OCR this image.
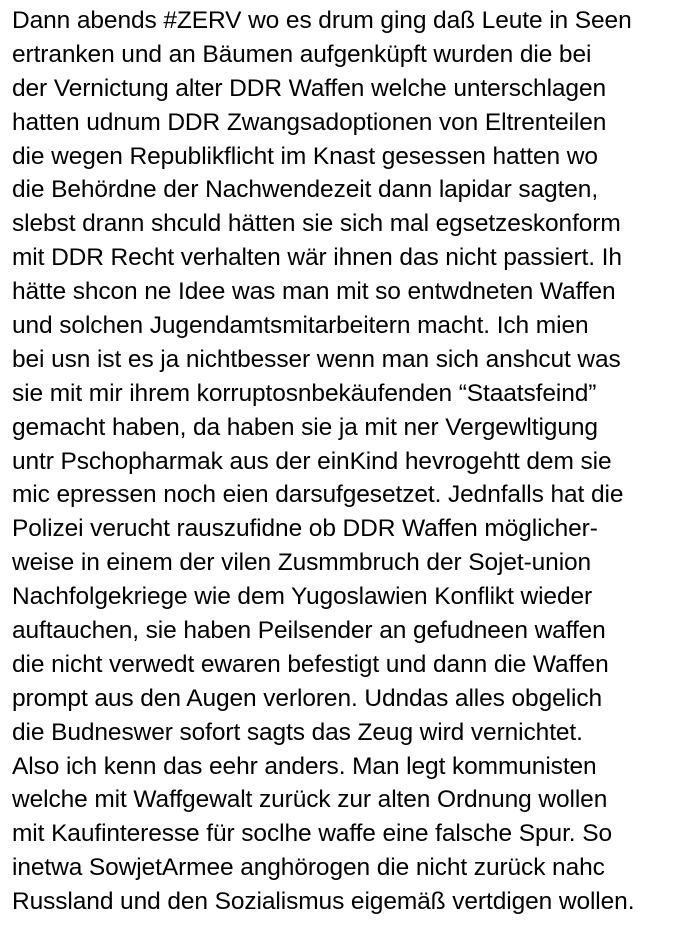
Dann abends #ZERV wo es drum ging daß Leute in Seen
ertranken und an Bäumen aufgenküpft wurden die bei
der Vernictung alter DDR Waffen welche unterschlagen
hatten udnum DDR Zwangsadoptionen von Eltrenteilen
die wegen Republikflicht im Knast gesessen hatten wo
die Behördne der Nachwendezeit dann lapidar sagten,
slebst drann shculd hätten sie sich mal egsetzeskonform
mit DDR Recht verhalten wär ihnen das nicht passiert. Ih
hätte shcon ne Idee was man mit so entwdneten Waffen
und solchen Jugendamtsmitarbeitern macht. Ich mien
bei usn ist es ja nichtbesser wenn man sich anshcut was
sie mit mir ihrem korruptosnbekäufenden “Staatsfeind”
gemacht haben, da haben sie ja mit ner Vergewltigung
untr Pschopharmak aus der einKind hevrogehtt dem sie
mic epressen noch eien darsufgesetzet. Jednfalls hat die
Polizei verucht rauszufidne ob DDR Waffen möglicher-
weise in einem der vilen Zusmmbruch der Sojet-union
Nachfolgekriege wie dem Yugoslawien Konflikt wieder
auftauchen, sie haben Peilsender an gefudneen waffen
die nicht verwedt ewaren befestigt und dann die Waffen
prompt aus den Augen verloren. Udndas alles obgelich
die Budneswer sofort sagts das Zeug wird vernichtet.
Also ich kenn das eehr anders. Man legt kommunisten
welche mit Waffgewalt zurück zur alten Ordnung wollen
mit Kaufinteresse für soclhe waffe eine falsche Spur. So
inetwa SowjetArmee anghörogen die nicht zurück nahc
Russland und den Sozialismus eigemäß vertdigen wollen.
